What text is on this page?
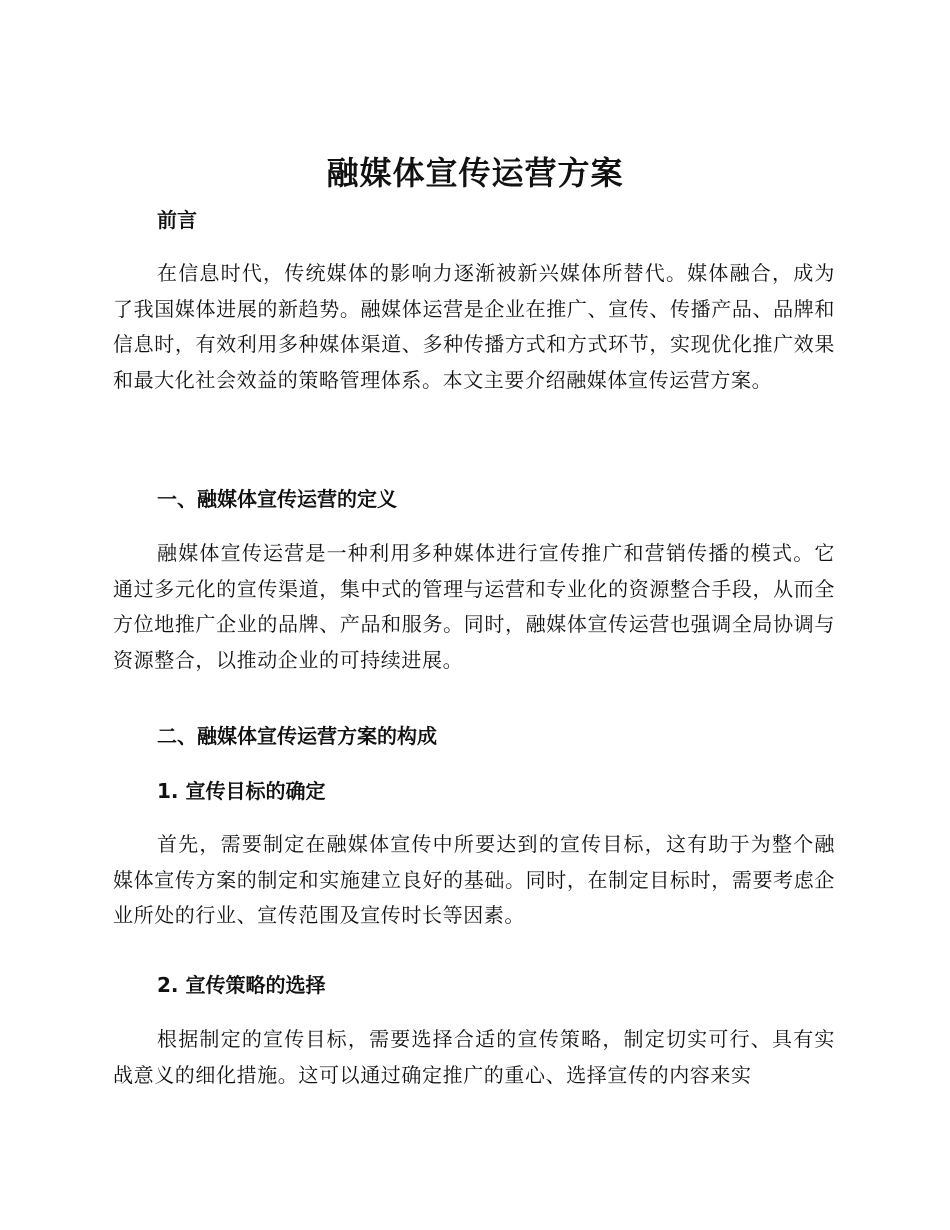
融媒体宣传运营方案
前言
在信息时代，传统媒体的影响力逐渐被新兴媒体所替代。媒体融合，成为了我国媒体进展的新趋势。融媒体运营是企业在推广、宣传、传播产品、品牌和信息时，有效利用多种媒体渠道、多种传播方式和方式环节，实现优化推广效果和最大化社会效益的策略管理体系。本文主要介绍融媒体宣传运营方案。
一、融媒体宣传运营的定义
融媒体宣传运营是一种利用多种媒体进行宣传推广和营销传播的模式。它通过多元化的宣传渠道，集中式的管理与运营和专业化的资源整合手段，从而全方位地推广企业的品牌、产品和服务。同时，融媒体宣传运营也强调全局协调与资源整合，以推动企业的可持续进展。
二、融媒体宣传运营方案的构成
1. 宣传目标的确定
首先，需要制定在融媒体宣传中所要达到的宣传目标，这有助于为整个融媒体宣传方案的制定和实施建立良好的基础。同时，在制定目标时，需要考虑企业所处的行业、宣传范围及宣传时长等因素。
2. 宣传策略的选择
根据制定的宣传目标，需要选择合适的宣传策略，制定切实可行、具有实战意义的细化措施。这可以通过确定推广的重心、选择宣传的内容来实
